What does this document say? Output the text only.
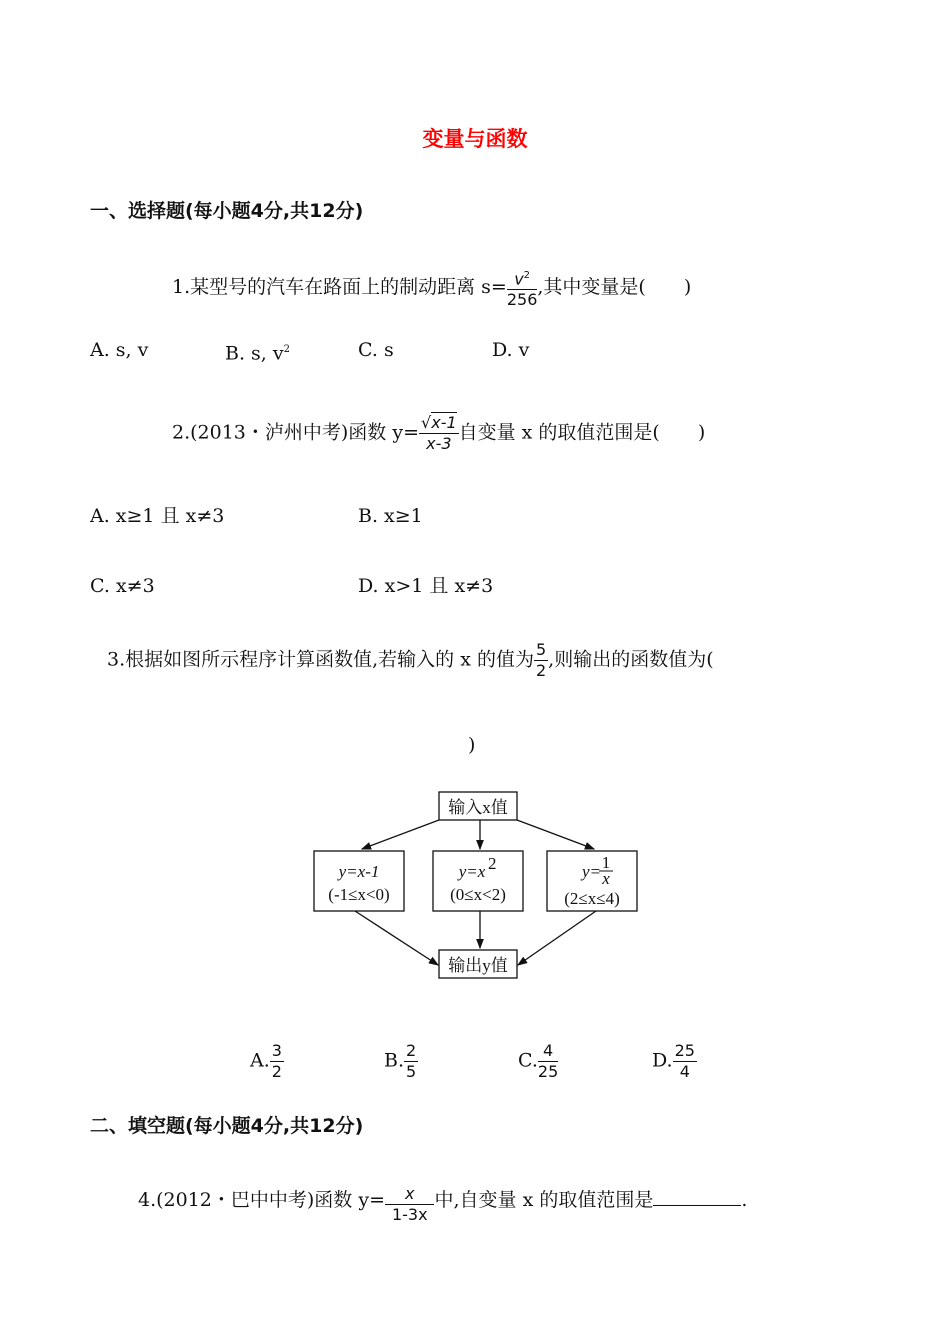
变量与函数
一、选择题(每小题4分,共12分)
1.某型号的汽车在路面上的制动距离 $s= \frac{v^2}{256}$ ,其中变量是(　　)
A. s, v	B. s, $v^2$	C. s	D. v
2.(2013・泸州中考)函数 $y= \frac{√x-1}{x-3}$ 自变量 x 的取值范围是(　　)
A. x≥1 且 x≠3	B. x≥1
C. x≠3	D. x>1 且 x≠3
3.根据如图所示程序计算函数值,若输入的 x 的值为 $\frac{5}{2}$ ,则输出的函数值为(
)
输入x值
y=x-1
(-1≤x<0)
y=x 2
(0≤x<2)
y= 1
x
(2≤x≤4)
输出y值
A. $\frac{3}{2}$	B. $\frac{2}{5}$	C. $\frac{4}{25}$	D. $\frac{25}{4}$
二、填空题(每小题4分,共12分)
4.(2012・巴中中考)函数 $y= \frac{x}{1-3x}$ 中,自变量 x 的取值范围是	.
